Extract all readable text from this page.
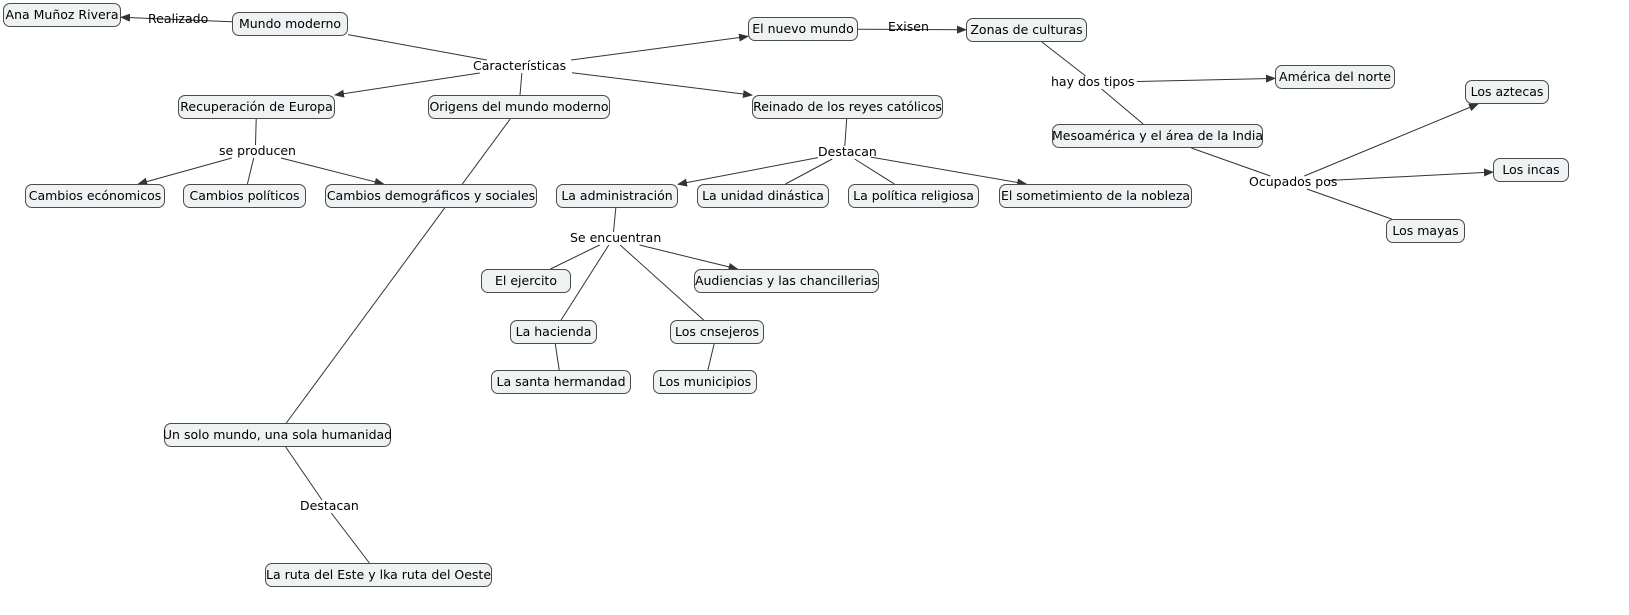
Ana Muñoz Rivera
Mundo moderno	El nuevo mundo	Zonas de culturas
América del norte
Los aztecas
Recuperación de Europa	Origens del mundo moderno	Reinado de los reyes católicos
Mesoamérica y el área de la India
Los incas
Cambios ecónomicos	Cambios políticos	Cambios demográficos y sociales	La administración	La unidad dinástica	La política religiosa	El sometimiento de la nobleza
Los mayas
El ejercito	Audiencias y las chancillerias
La hacienda	Los cnsejeros
La santa hermandad	Los municipios
Un solo mundo, una sola humanidad
La ruta del Este y lka ruta del Oeste
Realizado
Características
Exisen
hay dos tipos
se producen	Destacan
Ocupados pos
Se encuentran
Destacan
